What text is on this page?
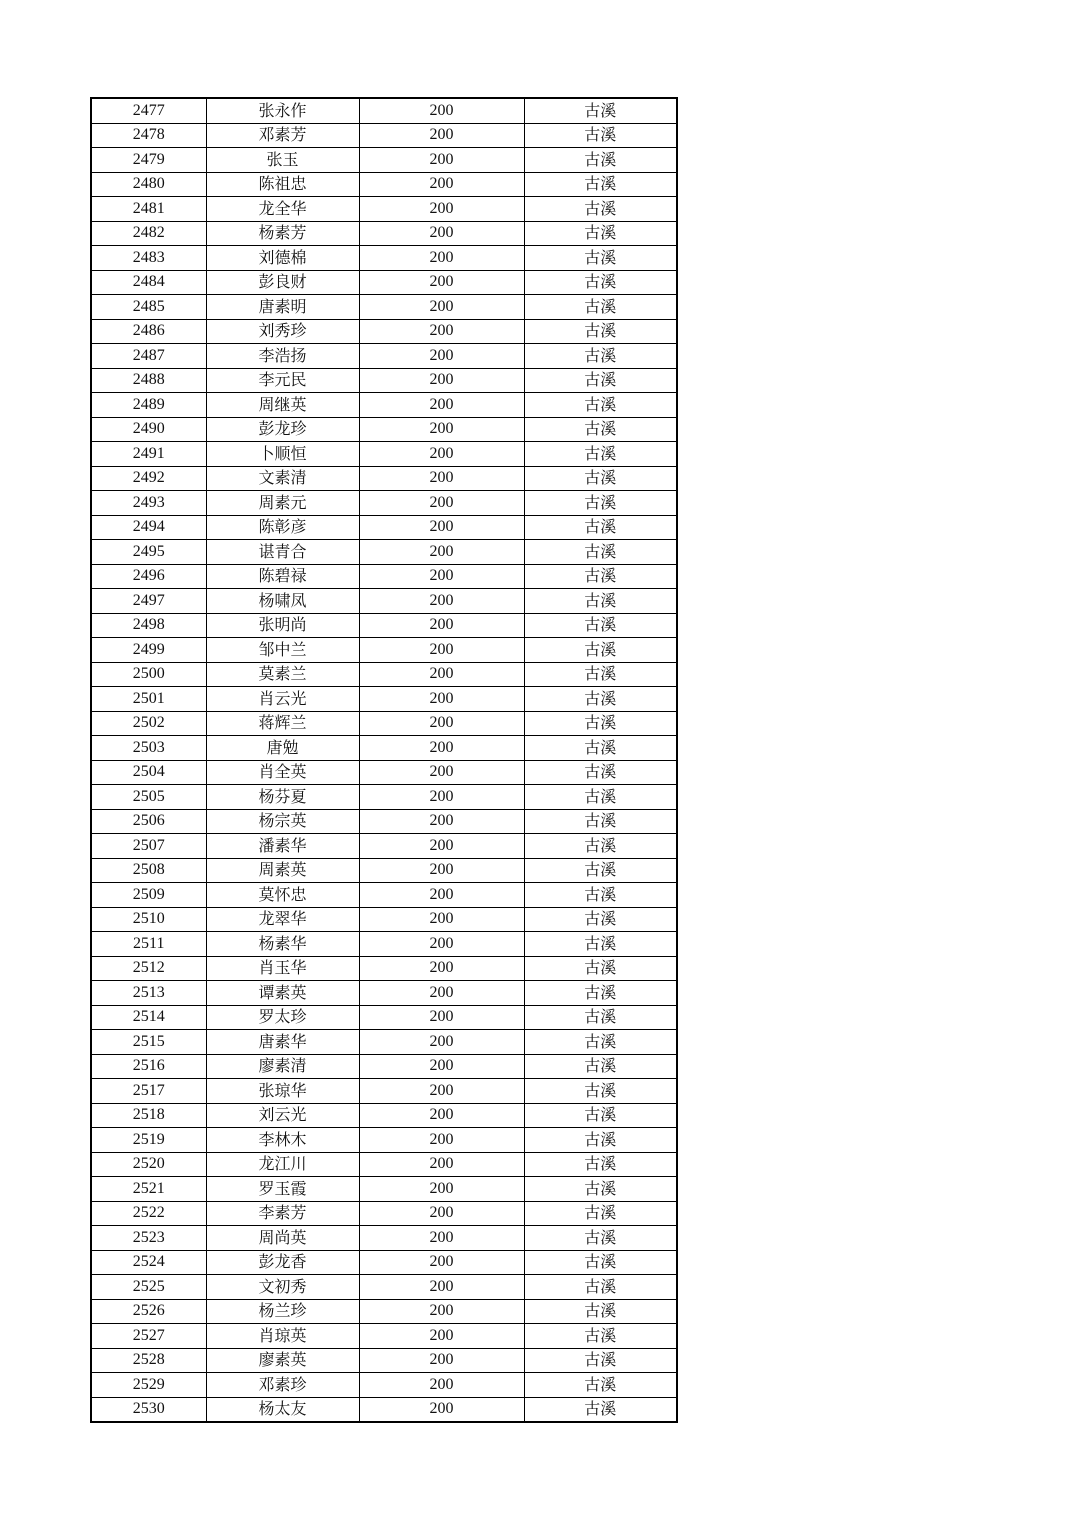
2477	张永作	200	古溪
2478	邓素芳	200	古溪
2479	张玉	200	古溪
2480	陈祖忠	200	古溪
2481	龙全华	200	古溪
2482	杨素芳	200	古溪
2483	刘德棉	200	古溪
2484	彭良财	200	古溪
2485	唐素明	200	古溪
2486	刘秀珍	200	古溪
2487	李浩扬	200	古溪
2488	李元民	200	古溪
2489	周继英	200	古溪
2490	彭龙珍	200	古溪
2491	卜顺恒	200	古溪
2492	文素清	200	古溪
2493	周素元	200	古溪
2494	陈彰彦	200	古溪
2495	谌青合	200	古溪
2496	陈碧禄	200	古溪
2497	杨啸凤	200	古溪
2498	张明尚	200	古溪
2499	邹中兰	200	古溪
2500	莫素兰	200	古溪
2501	肖云光	200	古溪
2502	蒋辉兰	200	古溪
2503	唐勉	200	古溪
2504	肖全英	200	古溪
2505	杨芬夏	200	古溪
2506	杨宗英	200	古溪
2507	潘素华	200	古溪
2508	周素英	200	古溪
2509	莫怀忠	200	古溪
2510	龙翠华	200	古溪
2511	杨素华	200	古溪
2512	肖玉华	200	古溪
2513	谭素英	200	古溪
2514	罗太珍	200	古溪
2515	唐素华	200	古溪
2516	廖素清	200	古溪
2517	张琼华	200	古溪
2518	刘云光	200	古溪
2519	李林木	200	古溪
2520	龙江川	200	古溪
2521	罗玉霞	200	古溪
2522	李素芳	200	古溪
2523	周尚英	200	古溪
2524	彭龙香	200	古溪
2525	文初秀	200	古溪
2526	杨兰珍	200	古溪
2527	肖琼英	200	古溪
2528	廖素英	200	古溪
2529	邓素珍	200	古溪
2530	杨太友	200	古溪
